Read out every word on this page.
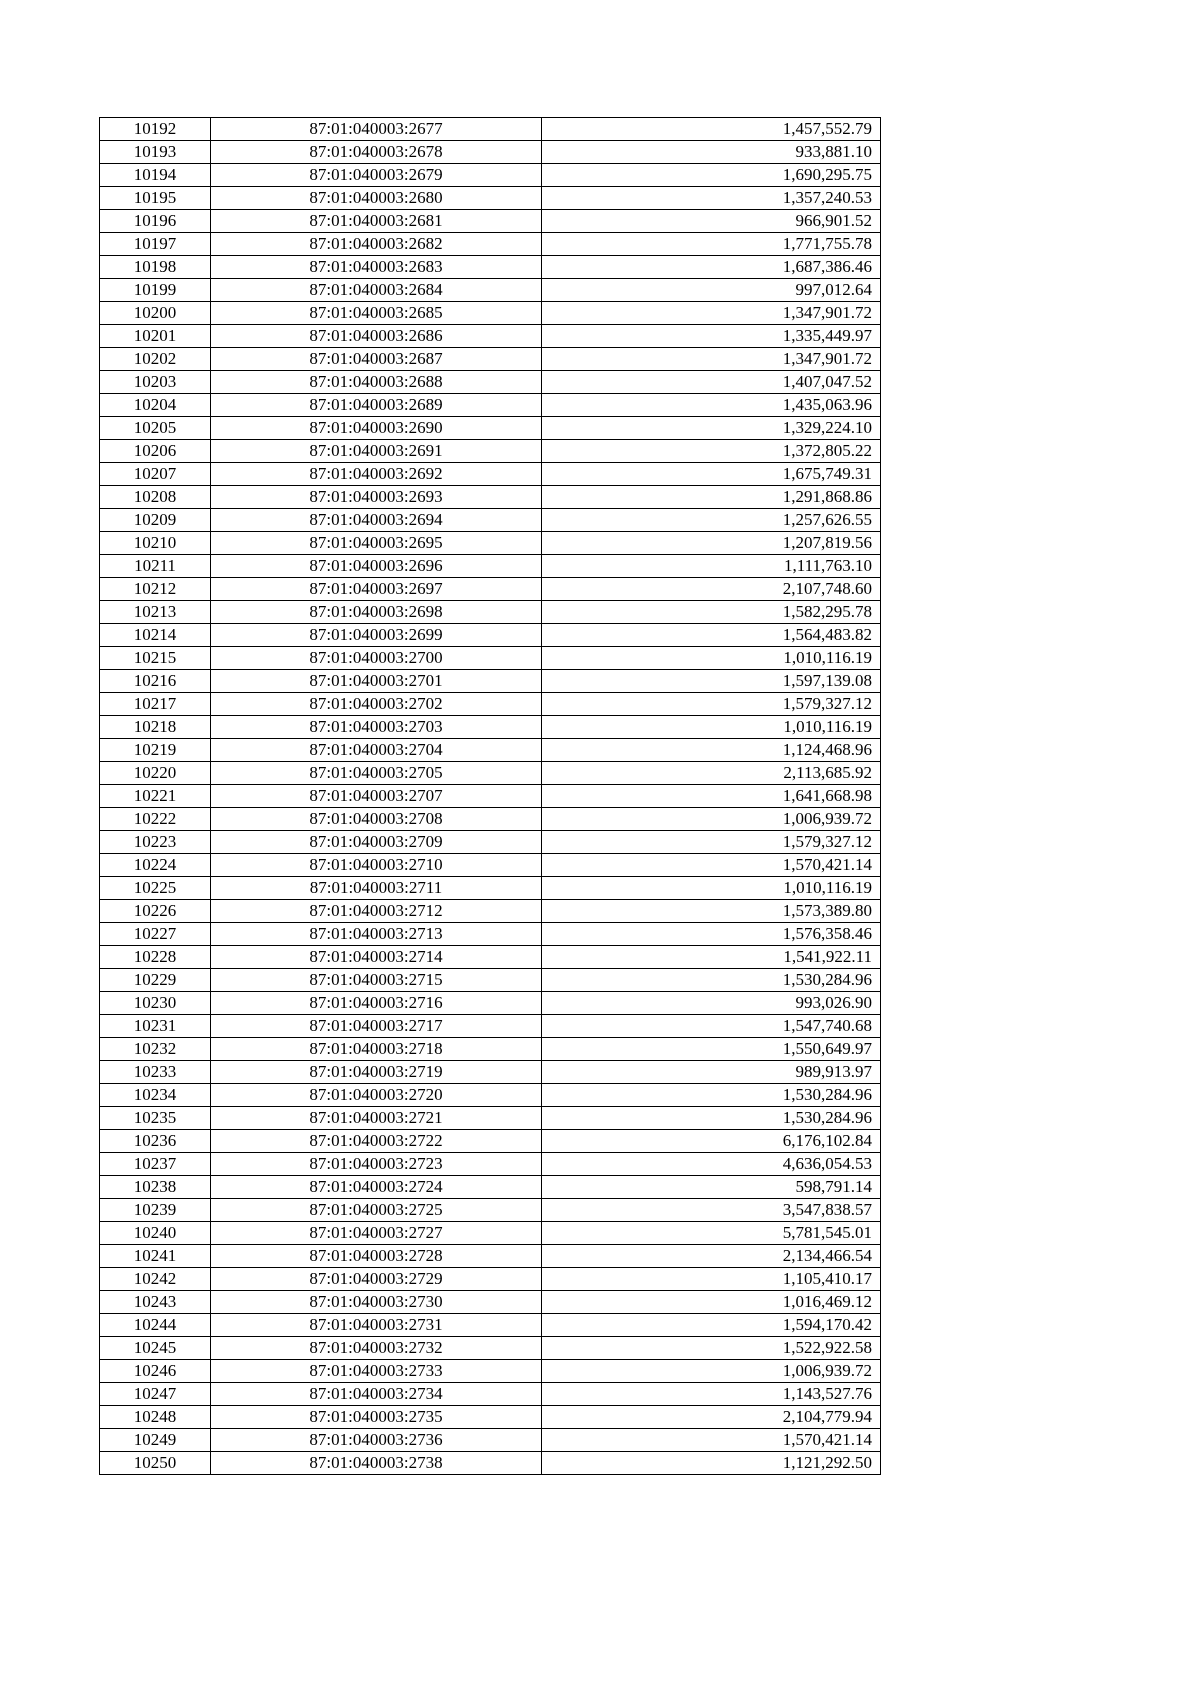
10192	87:01:040003:2677	1,457,552.79
10193	87:01:040003:2678	933,881.10
10194	87:01:040003:2679	1,690,295.75
10195	87:01:040003:2680	1,357,240.53
10196	87:01:040003:2681	966,901.52
10197	87:01:040003:2682	1,771,755.78
10198	87:01:040003:2683	1,687,386.46
10199	87:01:040003:2684	997,012.64
10200	87:01:040003:2685	1,347,901.72
10201	87:01:040003:2686	1,335,449.97
10202	87:01:040003:2687	1,347,901.72
10203	87:01:040003:2688	1,407,047.52
10204	87:01:040003:2689	1,435,063.96
10205	87:01:040003:2690	1,329,224.10
10206	87:01:040003:2691	1,372,805.22
10207	87:01:040003:2692	1,675,749.31
10208	87:01:040003:2693	1,291,868.86
10209	87:01:040003:2694	1,257,626.55
10210	87:01:040003:2695	1,207,819.56
10211	87:01:040003:2696	1,111,763.10
10212	87:01:040003:2697	2,107,748.60
10213	87:01:040003:2698	1,582,295.78
10214	87:01:040003:2699	1,564,483.82
10215	87:01:040003:2700	1,010,116.19
10216	87:01:040003:2701	1,597,139.08
10217	87:01:040003:2702	1,579,327.12
10218	87:01:040003:2703	1,010,116.19
10219	87:01:040003:2704	1,124,468.96
10220	87:01:040003:2705	2,113,685.92
10221	87:01:040003:2707	1,641,668.98
10222	87:01:040003:2708	1,006,939.72
10223	87:01:040003:2709	1,579,327.12
10224	87:01:040003:2710	1,570,421.14
10225	87:01:040003:2711	1,010,116.19
10226	87:01:040003:2712	1,573,389.80
10227	87:01:040003:2713	1,576,358.46
10228	87:01:040003:2714	1,541,922.11
10229	87:01:040003:2715	1,530,284.96
10230	87:01:040003:2716	993,026.90
10231	87:01:040003:2717	1,547,740.68
10232	87:01:040003:2718	1,550,649.97
10233	87:01:040003:2719	989,913.97
10234	87:01:040003:2720	1,530,284.96
10235	87:01:040003:2721	1,530,284.96
10236	87:01:040003:2722	6,176,102.84
10237	87:01:040003:2723	4,636,054.53
10238	87:01:040003:2724	598,791.14
10239	87:01:040003:2725	3,547,838.57
10240	87:01:040003:2727	5,781,545.01
10241	87:01:040003:2728	2,134,466.54
10242	87:01:040003:2729	1,105,410.17
10243	87:01:040003:2730	1,016,469.12
10244	87:01:040003:2731	1,594,170.42
10245	87:01:040003:2732	1,522,922.58
10246	87:01:040003:2733	1,006,939.72
10247	87:01:040003:2734	1,143,527.76
10248	87:01:040003:2735	2,104,779.94
10249	87:01:040003:2736	1,570,421.14
10250	87:01:040003:2738	1,121,292.50
